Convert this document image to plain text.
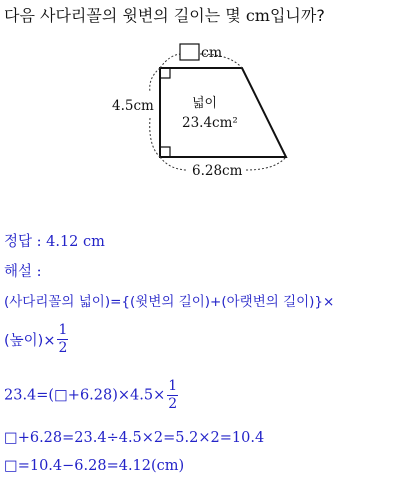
다음 사다리꼴의 윗변의 길이는 몇 cm입니까?
cm
4.5cm	넓이
23.4cm²
6.28cm
정답 : 4.12 cm
해설 :
(사다리꼴의 넓이)={(윗변의 길이)+(아랫변의 길이)}×
(높이)× $\frac{1}{2}$
23.4=(□+6.28)×4.5× $\frac{1}{2}$
□+6.28=23.4÷4.5×2=5.2×2=10.4
□=10.4−6.28=4.12(cm)
